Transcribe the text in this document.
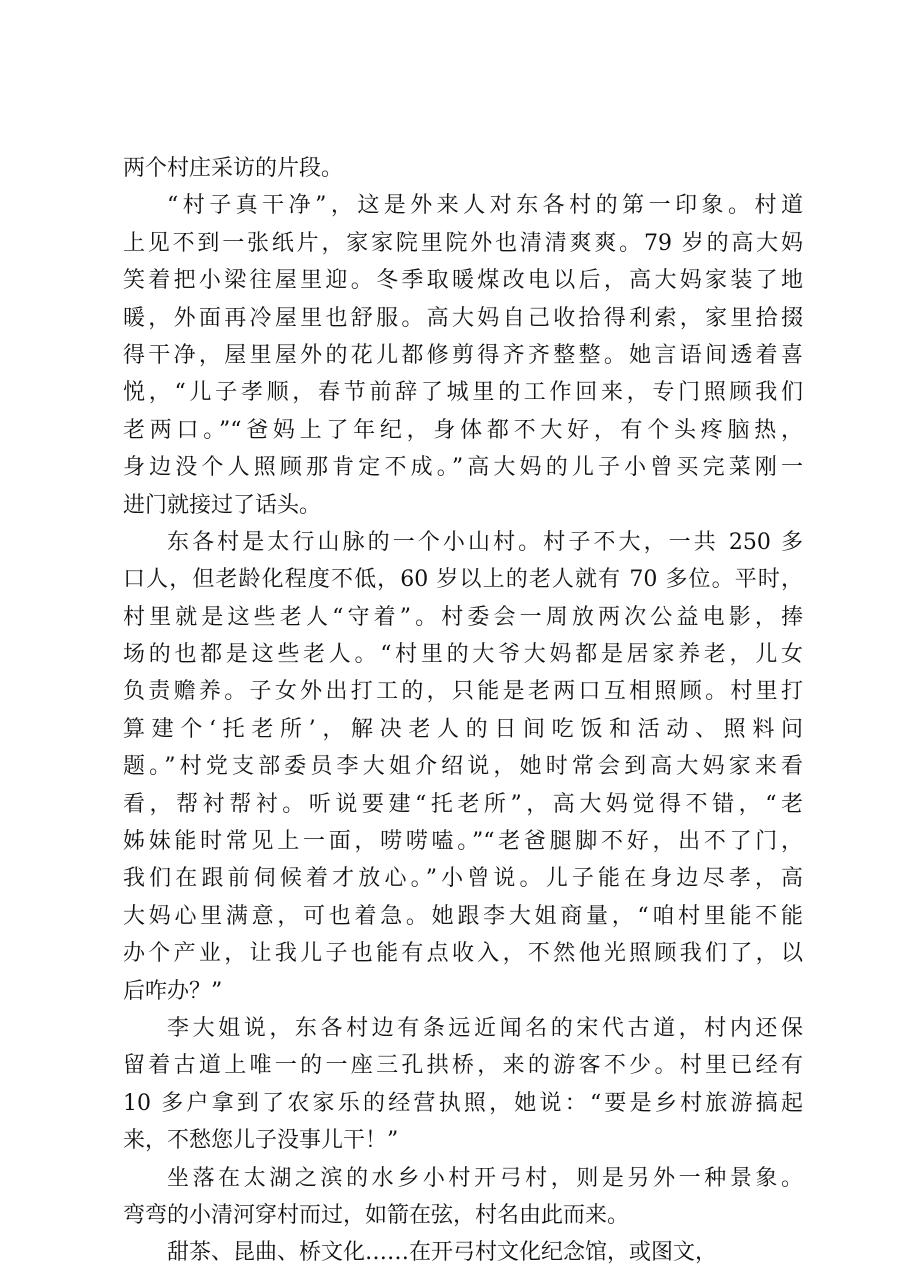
两个村庄采访的片段。
“村子真干净”，这是外来人对东各村的第一印象。村道
上见不到一张纸片，家家院里院外也清清爽爽。79 岁的高大妈
笑着把小梁往屋里迎。冬季取暖煤改电以后，高大妈家装了地
暖，外面再冷屋里也舒服。高大妈自己收拾得利索，家里拾掇
得干净，屋里屋外的花儿都修剪得齐齐整整。她言语间透着喜
悦，“儿子孝顺，春节前辞了城里的工作回来，专门照顾我们
老两口。”“爸妈上了年纪，身体都不大好，有个头疼脑热，
身边没个人照顾那肯定不成。”高大妈的儿子小曾买完菜刚一
进门就接过了话头。
东各村是太行山脉的一个小山村。村子不大，一共 250 多
口人，但老龄化程度不低，60 岁以上的老人就有 70 多位。平时，
村里就是这些老人“守着”。村委会一周放两次公益电影，捧
场的也都是这些老人。“村里的大爷大妈都是居家养老，儿女
负责赡养。子女外出打工的，只能是老两口互相照顾。村里打
算建个‘托老所’，解决老人的日间吃饭和活动、照料问
题。”村党支部委员李大姐介绍说，她时常会到高大妈家来看
看，帮衬帮衬。听说要建“托老所”，高大妈觉得不错，“老
姊妹能时常见上一面，唠唠嗑。”“老爸腿脚不好，出不了门，
我们在跟前伺候着才放心。”小曾说。儿子能在身边尽孝，高
大妈心里满意，可也着急。她跟李大姐商量，“咱村里能不能
办个产业，让我儿子也能有点收入，不然他光照顾我们了，以
后咋办？”
李大姐说，东各村边有条远近闻名的宋代古道，村内还保
留着古道上唯一的一座三孔拱桥，来的游客不少。村里已经有
10 多户拿到了农家乐的经营执照，她说：“要是乡村旅游搞起
来，不愁您儿子没事儿干！”
坐落在太湖之滨的水乡小村开弓村，则是另外一种景象。
弯弯的小清河穿村而过，如箭在弦，村名由此而来。
甜茶、昆曲、桥文化……在开弓村文化纪念馆，或图文，
